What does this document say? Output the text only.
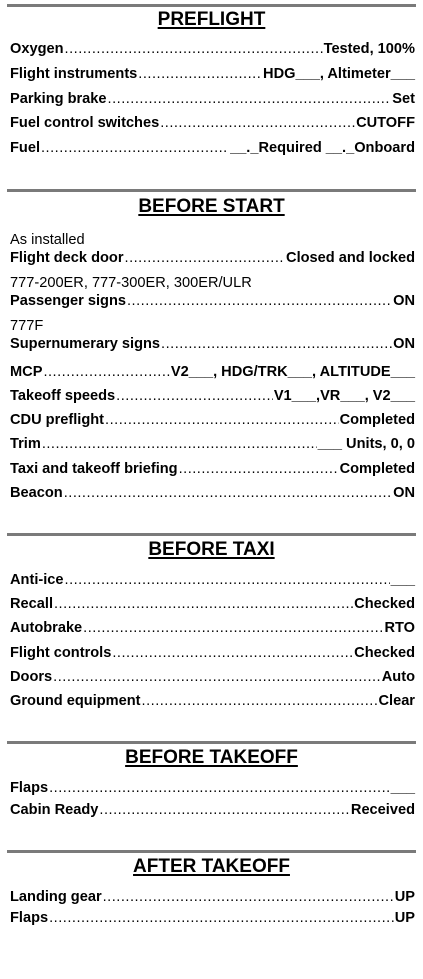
PREFLIGHT
Oxygen .....	Tested, 100%
Flight instruments .....	HDG___, Altimeter___
Parking brake .....	Set
Fuel control switches .....	CUTOFF
Fuel .....	__._Required __._Onboard
BEFORE START
As installed
Flight deck door .....	Closed and locked
777-200ER, 777-300ER, 300ER/ULR
Passenger signs .....	ON
777F
Supernumerary signs .....	ON
MCP .....	V2___, HDG/TRK___, ALTITUDE___
Takeoff speeds .....	V1___,VR___, V2___
CDU preflight .....	Completed
Trim .....	___ Units, 0, 0
Taxi and takeoff briefing .....	Completed
Beacon .....	ON
BEFORE TAXI
Anti-ice .....	___
Recall .....	Checked
Autobrake .....	RTO
Flight controls .....	Checked
Doors .....	Auto
Ground equipment .....	Clear
BEFORE TAKEOFF
Flaps .....	___
Cabin Ready .....	Received
AFTER TAKEOFF
Landing gear .....	UP
Flaps .....	UP
